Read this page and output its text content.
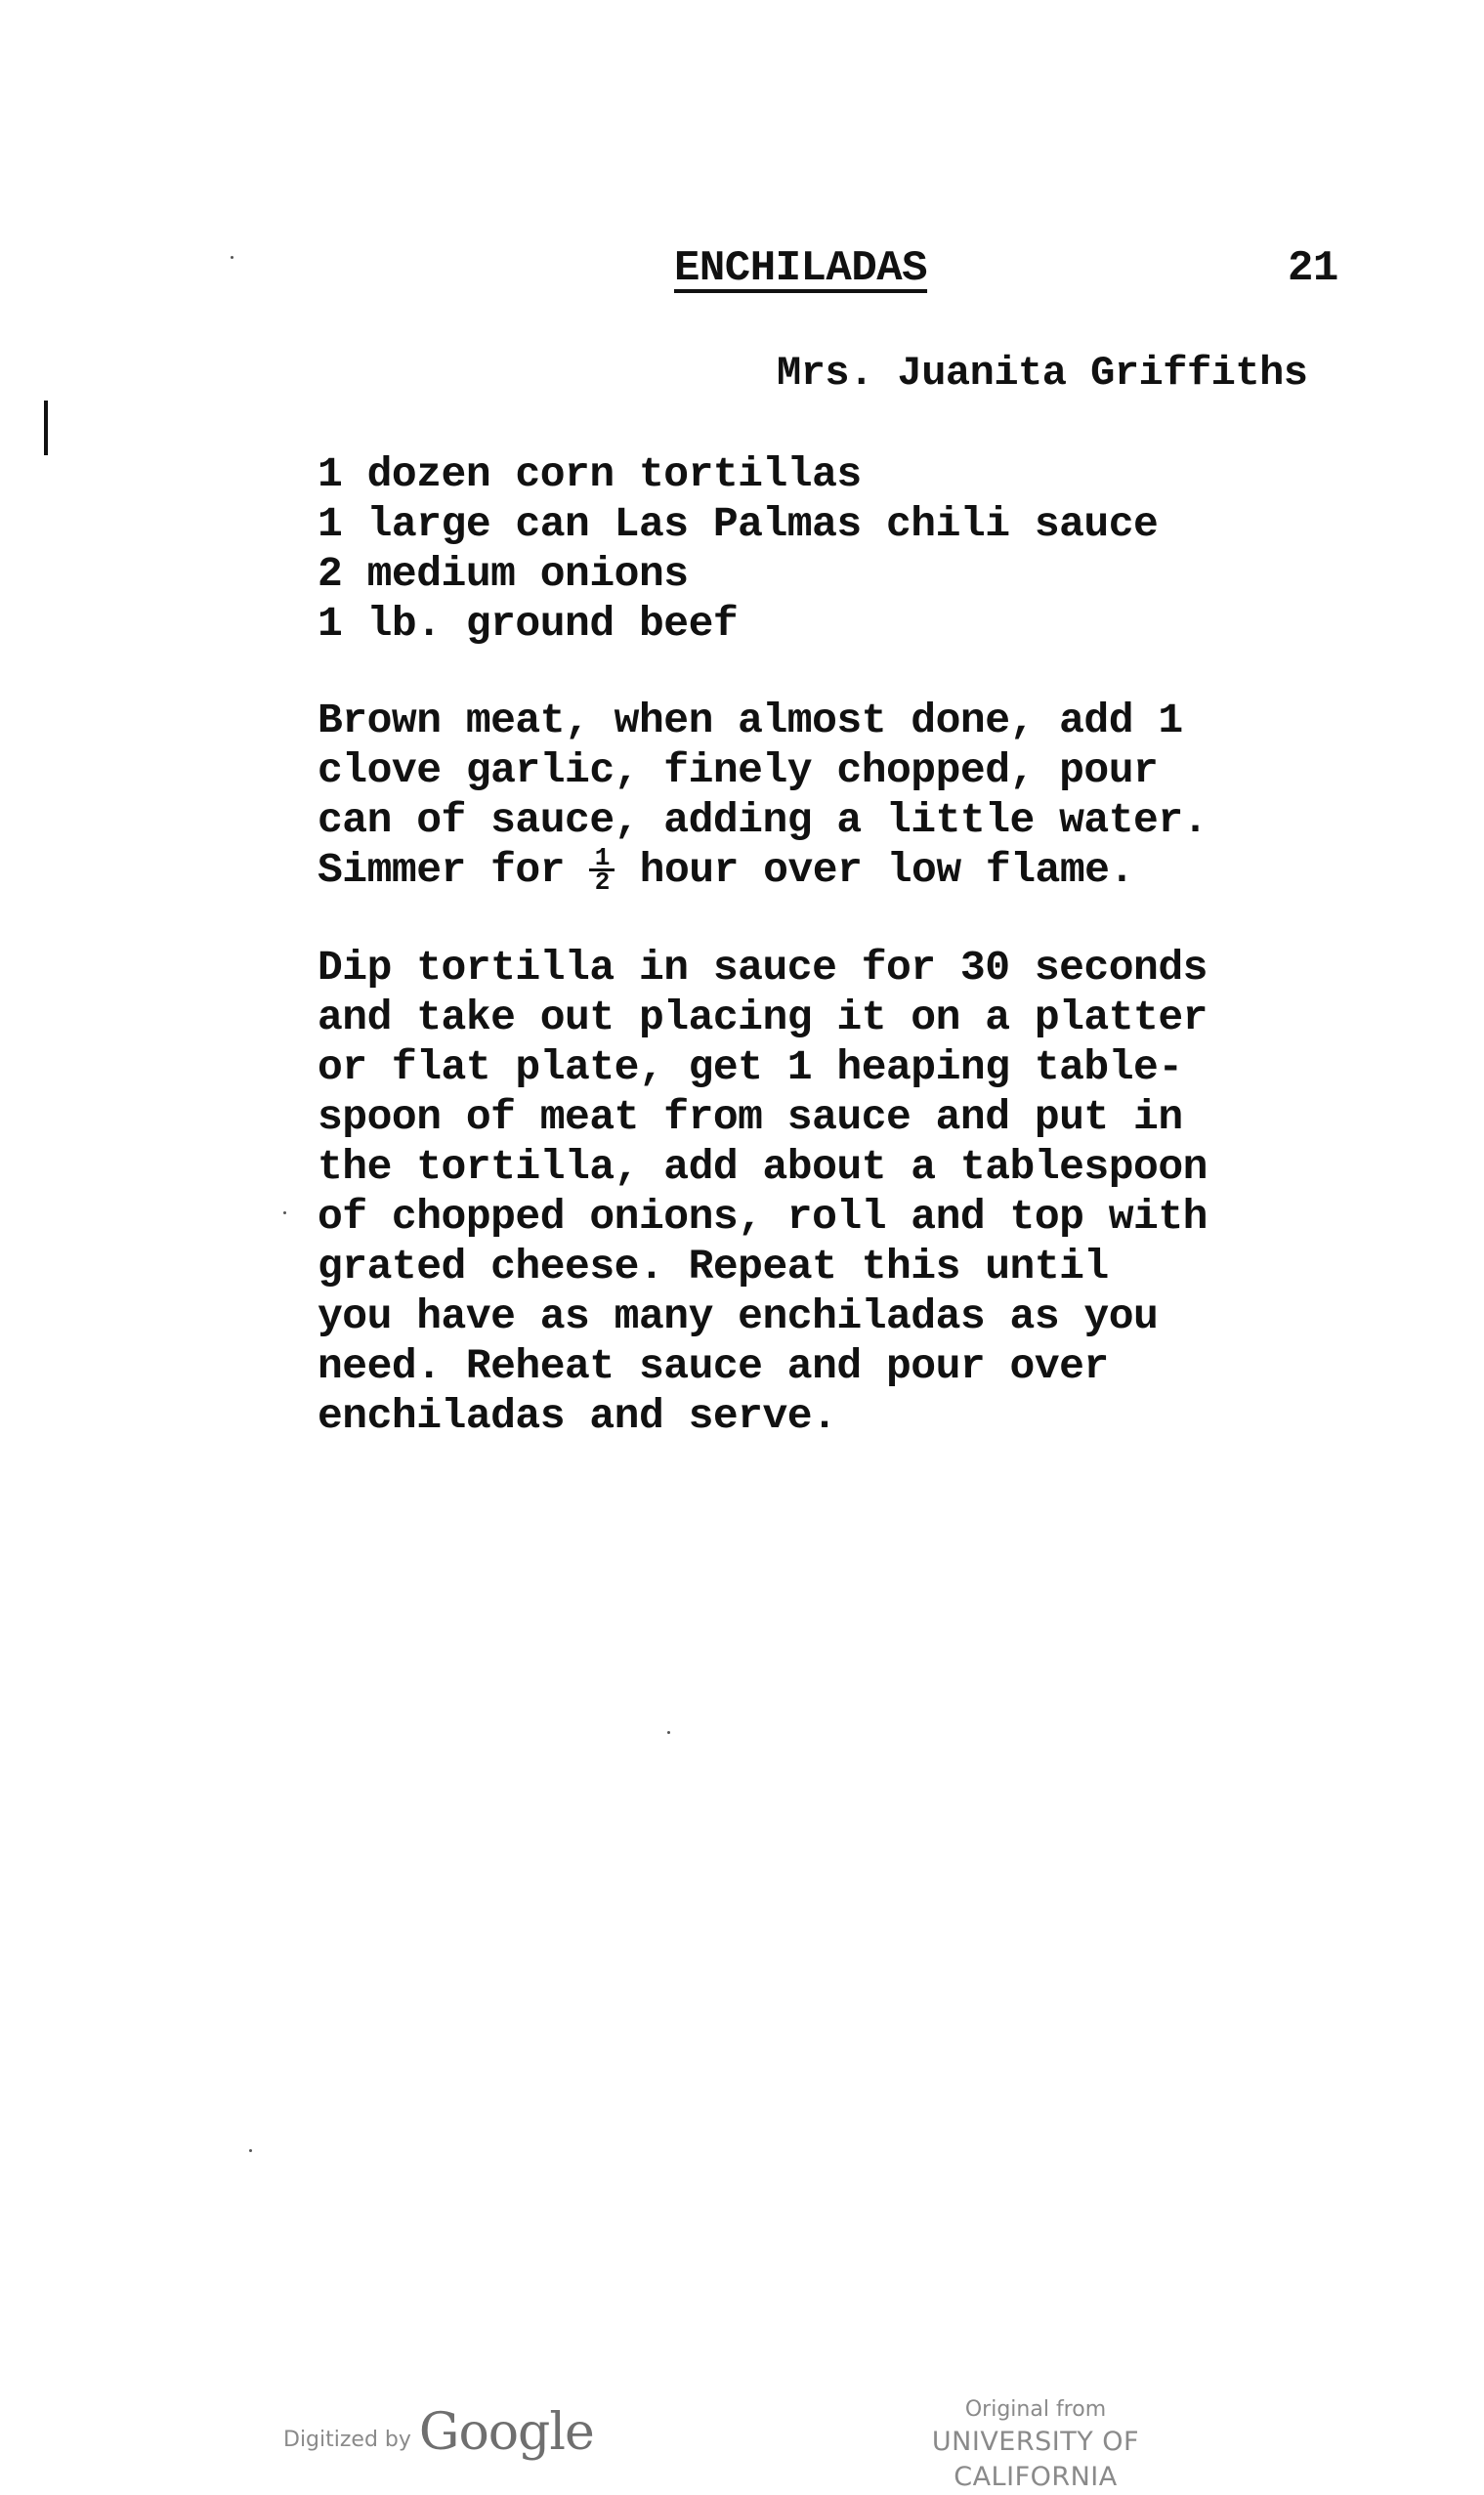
ENCHILADAS	21
Mrs. Juanita Griffiths
1 dozen corn tortillas
1 large can Las Palmas chili sauce
2 medium onions
1 lb. ground beef

Brown meat, when almost done, add 1
clove garlic, finely chopped, pour
can of sauce, adding a little water.
Simmer for $\frac{1}{2}$ hour over low flame.

Dip tortilla in sauce for 30 seconds
and take out placing it on a platter
or flat plate, get 1 heaping table-
spoon of meat from sauce and put in
the tortilla, add about a tablespoon
of chopped onions, roll and top with
grated cheese. Repeat this until
you have as many enchiladas as you
need. Reheat sauce and pour over
enchiladas and serve.

Digitized by Google	Original from
UNIVERSITY OF CALIFORNIA
